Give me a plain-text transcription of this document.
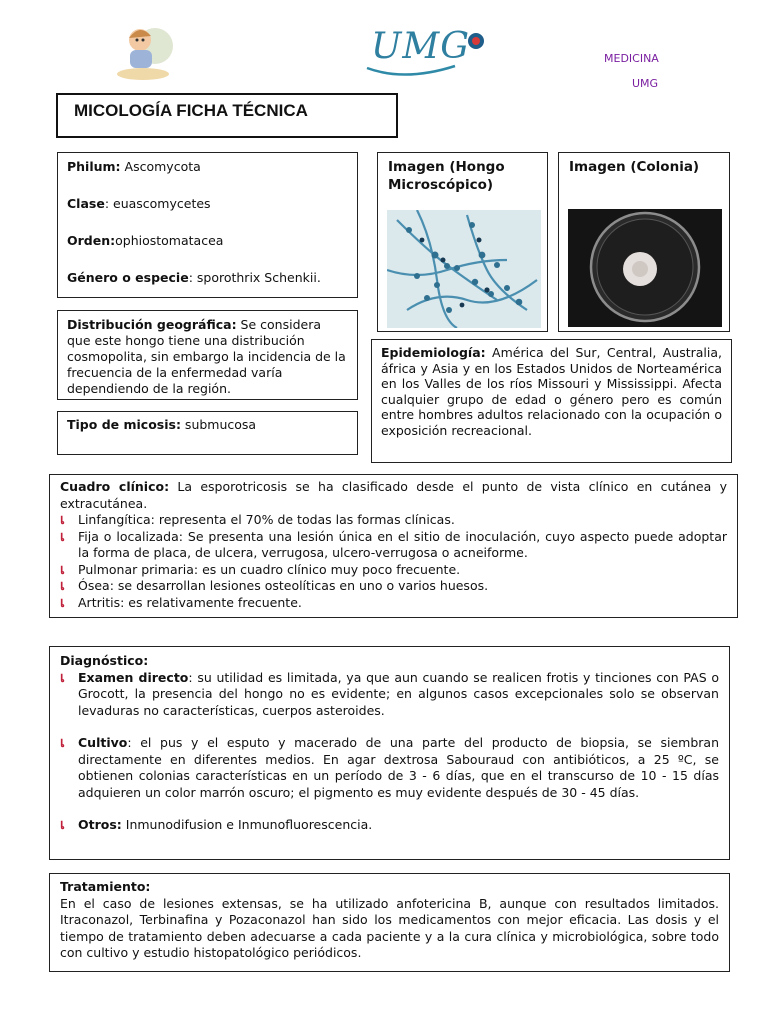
UMG	MEDICINA
UMG
MICOLOGÍA FICHA TÉCNICA
Philum: Ascomycota
Clase: euascomycetes
Orden:ophiostomatacea
Género o especie: sporothrix Schenkii.
Imagen (Hongo Microscópico)
Imagen (Colonia)
Distribución geográfica: Se considera que este hongo tiene una distribución cosmopolita, sin embargo la incidencia de la frecuencia de la enfermedad varía dependiendo de la región.
Epidemiología: América del Sur, Central, Australia, áfrica y Asia y en los Estados Unidos de Norteamérica en los Valles de los ríos Missouri y Mississippi. Afecta cualquier grupo de edad o género pero es común entre hombres adultos relacionado con la ocupación o exposición recreacional.
Tipo de micosis: submucosa
Cuadro clínico: La esporotricosis se ha clasificado desde el punto de vista clínico en cutánea y extracutánea.
เ	Linfangítica: representa el 70% de todas las formas clínicas.
เ	Fija o localizada: Se presenta una lesión única en el sitio de inoculación, cuyo aspecto puede adoptar la forma de placa, de ulcera, verrugosa, ulcero-verrugosa o acneiforme.
เ	Pulmonar primaria: es un cuadro clínico muy poco frecuente.
เ	Ósea: se desarrollan lesiones osteolíticas en uno o varios huesos.
เ	Artritis: es relativamente frecuente.
Diagnóstico:
เ	Examen directo: su utilidad es limitada, ya que aun cuando se realicen frotis y tinciones con PAS o Grocott, la presencia del hongo no es evidente; en algunos casos excepcionales solo se observan levaduras no características, cuerpos asteroides.
เ	Cultivo: el pus y el esputo y macerado de una parte del producto de biopsia, se siembran directamente en diferentes medios. En agar dextrosa Sabouraud con antibióticos, a 25 ºC, se obtienen colonias características en un período de 3 - 6 días, que en el transcurso de 10 - 15 días adquieren un color marrón oscuro; el pigmento es muy evidente después de 30 - 45 días.
เ	Otros: Inmunodifusion e Inmunofluorescencia.
Tratamiento:
En el caso de lesiones extensas, se ha utilizado anfotericina B, aunque con resultados limitados. Itraconazol, Terbinafina y Pozaconazol han sido los medicamentos con mejor eficacia. Las dosis y el tiempo de tratamiento deben adecuarse a cada paciente y a la cura clínica y microbiológica, sobre todo con cultivo y estudio histopatológico periódicos.
